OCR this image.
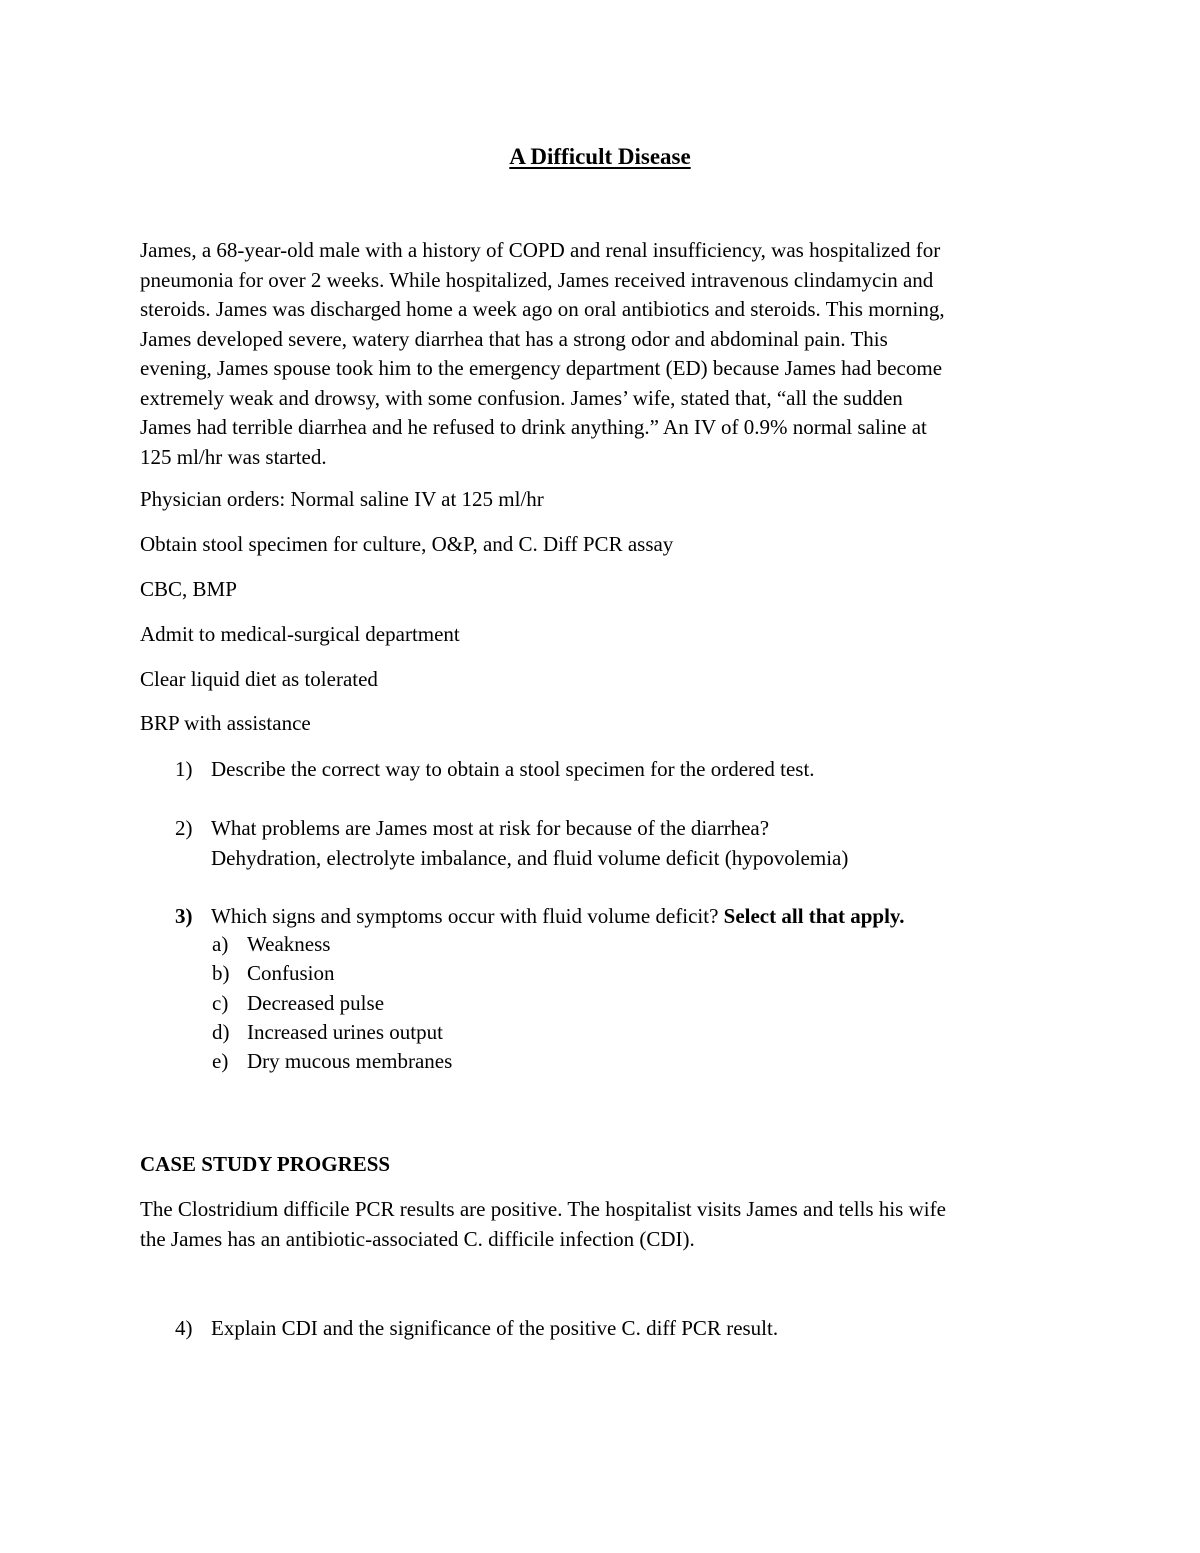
A Difficult Disease
James, a 68-year-old male with a history of COPD and renal insufficiency, was hospitalized for
pneumonia for over 2 weeks. While hospitalized, James received intravenous clindamycin and
steroids. James was discharged home a week ago on oral antibiotics and steroids. This morning,
James developed severe, watery diarrhea that has a strong odor and abdominal pain. This
evening, James spouse took him to the emergency department (ED) because James had become
extremely weak and drowsy, with some confusion. James’ wife, stated that, “all the sudden
James had terrible diarrhea and he refused to drink anything.” An IV of 0.9% normal saline at
125 ml/hr was started.
Physician orders: Normal saline IV at 125 ml/hr
Obtain stool specimen for culture, O&P, and C. Diff PCR assay
CBC, BMP
Admit to medical-surgical department
Clear liquid diet as tolerated
BRP with assistance
1) Describe the correct way to obtain a stool specimen for the ordered test.
2) What problems are James most at risk for because of the diarrhea?
Dehydration, electrolyte imbalance, and fluid volume deficit (hypovolemia)
3) Which signs and symptoms occur with fluid volume deficit? Select all that apply.
a) Weakness
b) Confusion
c) Decreased pulse
d) Increased urines output
e) Dry mucous membranes
CASE STUDY PROGRESS
The Clostridium difficile PCR results are positive. The hospitalist visits James and tells his wife
the James has an antibiotic-associated C. difficile infection (CDI).
4) Explain CDI and the significance of the positive C. diff PCR result.
